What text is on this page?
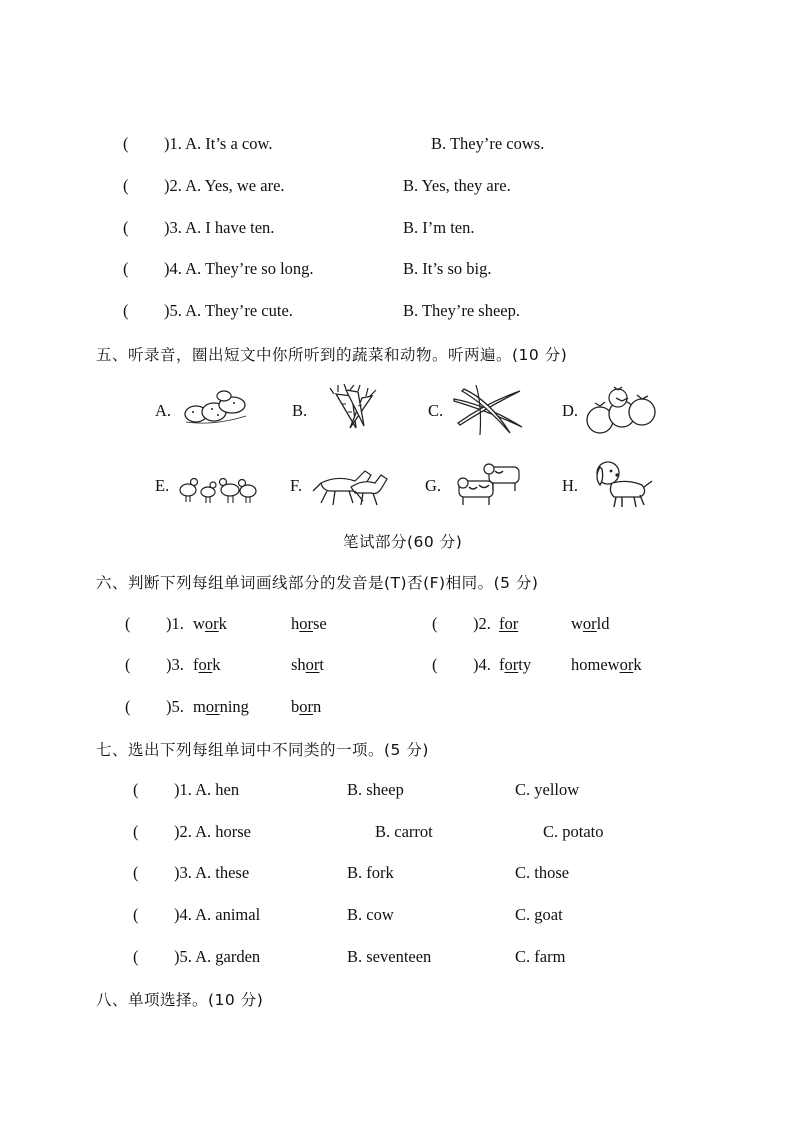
( )1. A. It’s a cow.	B. They’re cows.
( )2. A. Yes, we are.	B. Yes, they are.
( )3. A. I have ten.	B. I’m ten.
( )4. A. They’re so long.	B. It’s so big.
( )5. A. They’re cute.	B. They’re sheep.
五、听录音，圈出短文中你所听到的蔬菜和动物。听两遍。(10 分)
A.	B.	C.	D.
E.	F.	G.	H.
笔试部分(60 分)
六、判断下列每组单词画线部分的发音是(T)否(F)相同。(5 分)
( )1. work	horse	( )2. for	world
( )3. fork	short	( )4. forty homework
( )5. morning	born
七、选出下列每组单词中不同类的一项。(5 分)
( )1. A. hen	B. sheep	C. yellow
( )2. A. horse	B. carrot	C. potato
( )3. A. these	B. fork	C. those
( )4. A. animal	B. cow	C. goat
( )5. A. garden	B. seventeen	C. farm
八、单项选择。(10 分)
